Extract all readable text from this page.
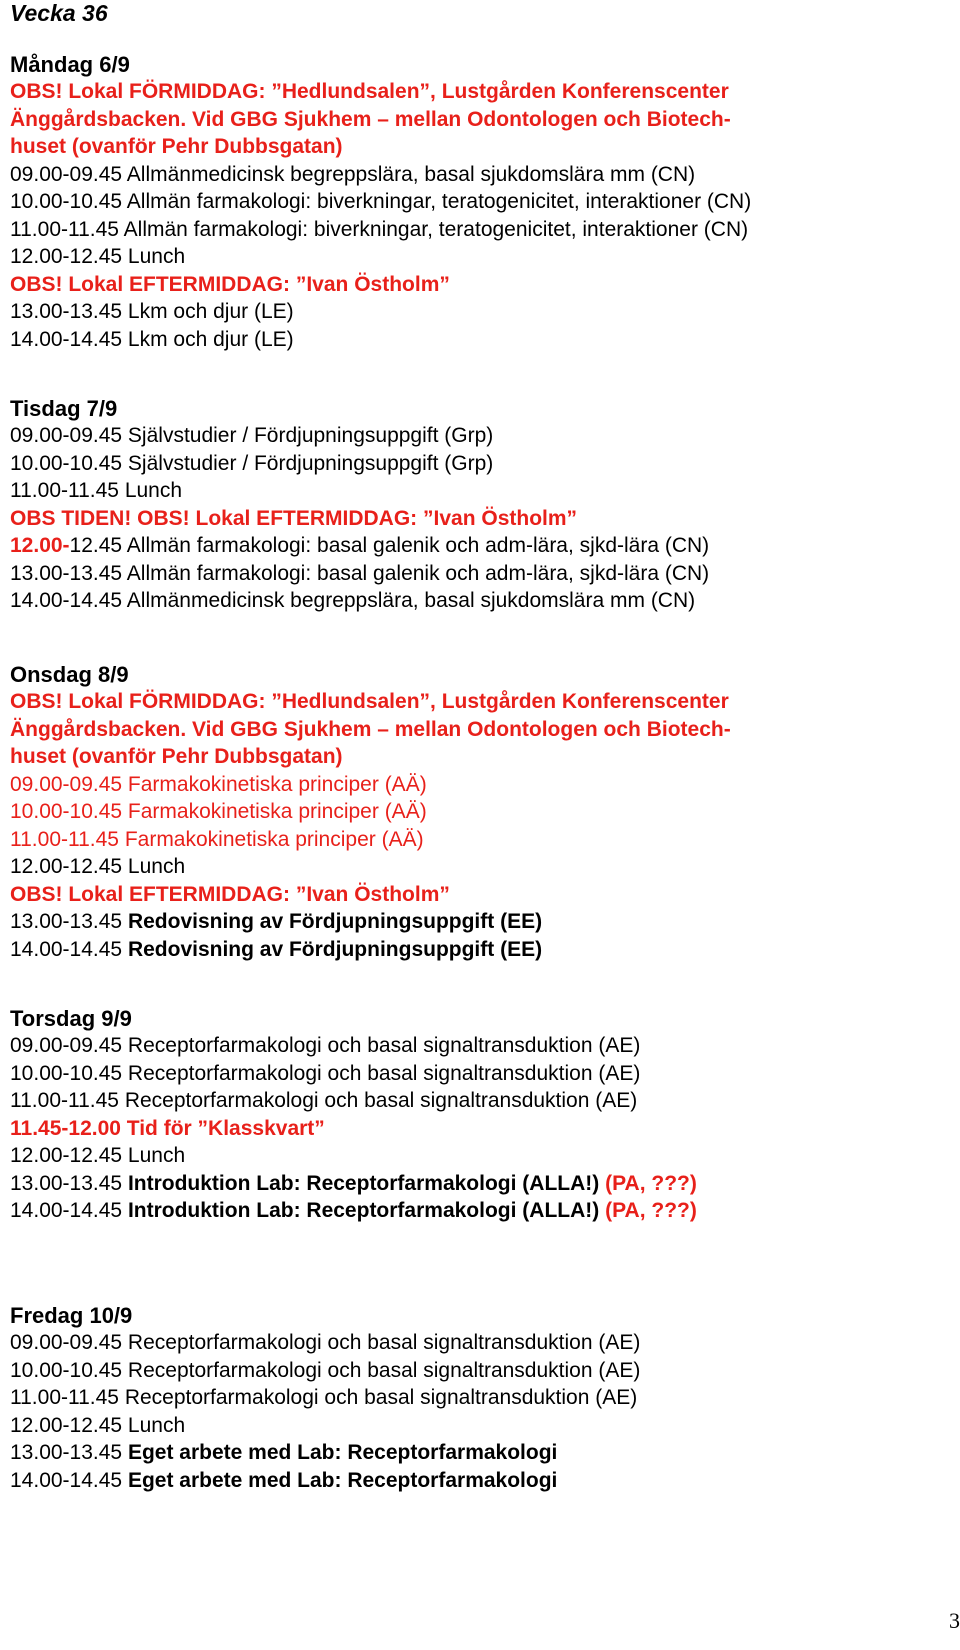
Vecka 36
Måndag 6/9
OBS! Lokal FÖRMIDDAG: ”Hedlundsalen”, Lustgården Konferenscenter
Änggårdsbacken. Vid GBG Sjukhem – mellan Odontologen och Biotech-
huset (ovanför Pehr Dubbsgatan)
09.00-09.45 Allmänmedicinsk begreppslära, basal sjukdomslära mm (CN)
10.00-10.45 Allmän farmakologi: biverkningar, teratogenicitet, interaktioner (CN)
11.00-11.45 Allmän farmakologi: biverkningar, teratogenicitet, interaktioner (CN)
12.00-12.45 Lunch
OBS! Lokal EFTERMIDDAG: ”Ivan Östholm”
13.00-13.45 Lkm och djur (LE)
14.00-14.45 Lkm och djur (LE)
Tisdag 7/9
09.00-09.45 Självstudier / Fördjupningsuppgift (Grp)
10.00-10.45 Självstudier / Fördjupningsuppgift (Grp)
11.00-11.45 Lunch
OBS TIDEN! OBS! Lokal EFTERMIDDAG: ”Ivan Östholm”
12.00-12.45 Allmän farmakologi: basal galenik och adm-lära, sjkd-lära (CN)
13.00-13.45 Allmän farmakologi: basal galenik och adm-lära, sjkd-lära (CN)
14.00-14.45 Allmänmedicinsk begreppslära, basal sjukdomslära mm (CN)
Onsdag 8/9
OBS! Lokal FÖRMIDDAG: ”Hedlundsalen”, Lustgården Konferenscenter
Änggårdsbacken. Vid GBG Sjukhem – mellan Odontologen och Biotech-
huset (ovanför Pehr Dubbsgatan)
09.00-09.45 Farmakokinetiska principer (AÄ)
10.00-10.45 Farmakokinetiska principer (AÄ)
11.00-11.45 Farmakokinetiska principer (AÄ)
12.00-12.45 Lunch
OBS! Lokal EFTERMIDDAG: ”Ivan Östholm”
13.00-13.45 Redovisning av Fördjupningsuppgift (EE)
14.00-14.45 Redovisning av Fördjupningsuppgift (EE)
Torsdag 9/9
09.00-09.45 Receptorfarmakologi och basal signaltransduktion (AE)
10.00-10.45 Receptorfarmakologi och basal signaltransduktion (AE)
11.00-11.45 Receptorfarmakologi och basal signaltransduktion (AE)
11.45-12.00 Tid för ”Klasskvart”
12.00-12.45 Lunch
13.00-13.45 Introduktion Lab: Receptorfarmakologi (ALLA!) (PA, ???)
14.00-14.45 Introduktion Lab: Receptorfarmakologi (ALLA!) (PA, ???)
Fredag 10/9
09.00-09.45 Receptorfarmakologi och basal signaltransduktion (AE)
10.00-10.45 Receptorfarmakologi och basal signaltransduktion (AE)
11.00-11.45 Receptorfarmakologi och basal signaltransduktion (AE)
12.00-12.45 Lunch
13.00-13.45 Eget arbete med Lab: Receptorfarmakologi
14.00-14.45 Eget arbete med Lab: Receptorfarmakologi
3
